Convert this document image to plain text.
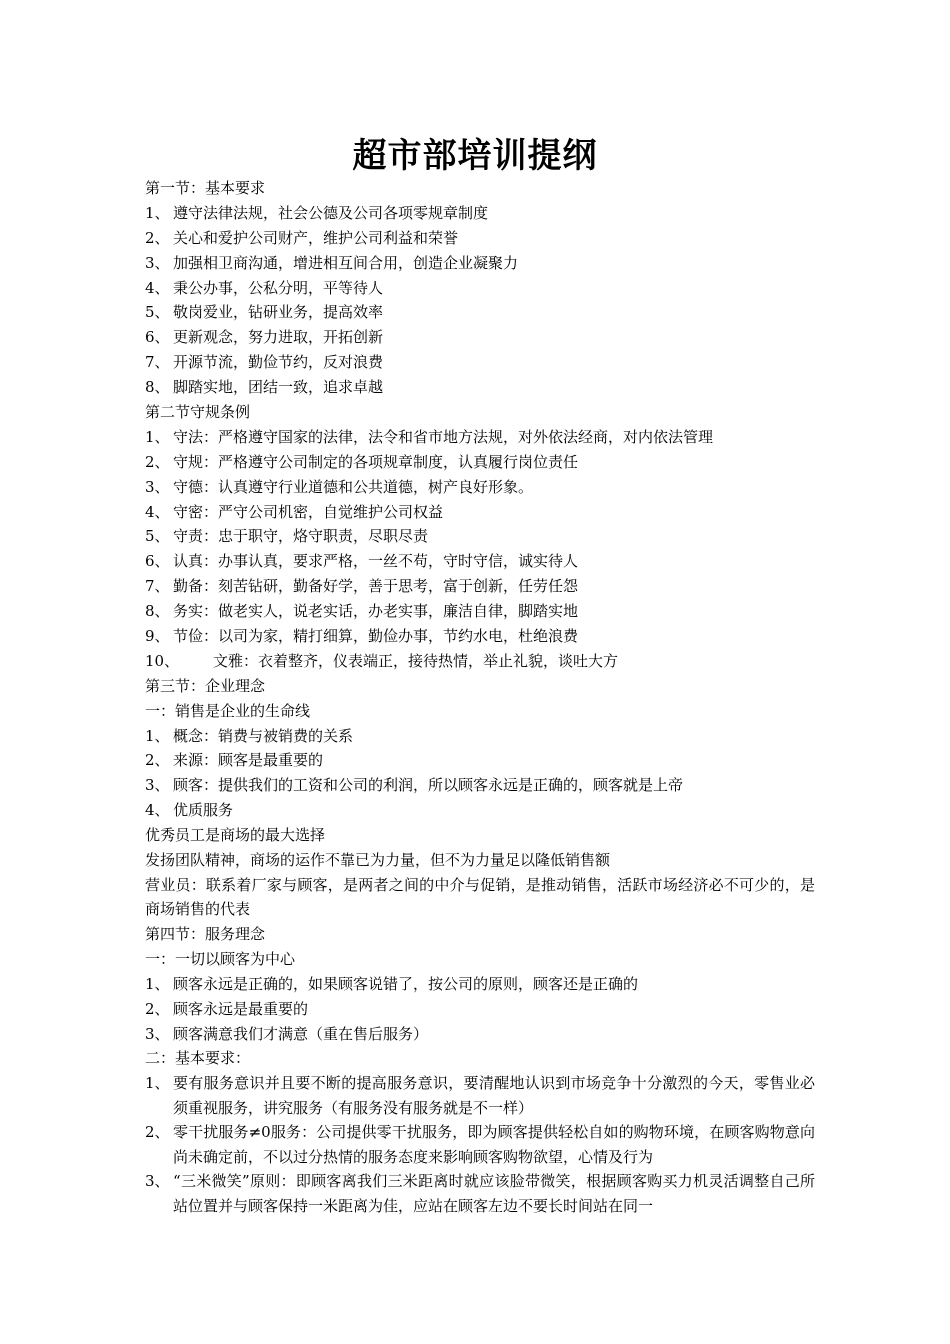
超市部培训提纲
第一节：基本要求
1、 遵守法律法规，社会公德及公司各项零规章制度
2、 关心和爱护公司财产，维护公司利益和荣誉
3、 加强相卫商沟通，增进相互间合用，创造企业凝聚力
4、 秉公办事，公私分明，平等待人
5、 敬岗爱业，钻研业务，提高效率
6、 更新观念，努力进取，开拓创新
7、 开源节流，勤俭节约，反对浪费
8、 脚踏实地，团结一致，追求卓越
第二节守规条例
1、 守法：严格遵守国家的法律，法令和省市地方法规，对外依法经商，对内依法管理
2、 守规：严格遵守公司制定的各项规章制度，认真履行岗位责任
3、 守德：认真遵守行业道德和公共道德，树产良好形象。
4、 守密：严守公司机密，自觉维护公司权益
5、 守责：忠于职守，烙守职责，尽职尽责
6、 认真：办事认真，要求严格，一丝不苟，守时守信，诚实待人
7、 勤备：刻苦钻研，勤备好学，善于思考，富于创新，任劳任怨
8、 务实：做老实人，说老实话，办老实事，廉洁自律，脚踏实地
9、 节俭：以司为家，精打细算，勤俭办事，节约水电，杜绝浪费
10、 文雅：衣着整齐，仪表端正，接待热情，举止礼貌，谈吐大方
第三节：企业理念
一：销售是企业的生命线
1、 概念：销费与被销费的关系
2、 来源：顾客是最重要的
3、 顾客：提供我们的工资和公司的利润，所以顾客永远是正确的，顾客就是上帝
4、 优质服务
优秀员工是商场的最大选择
发扬团队精神，商场的运作不靠已为力量，但不为力量足以隆低销售额
营业员：联系着厂家与顾客，是两者之间的中介与促销，是推动销售，活跃市场经济必不可少的，是商场销售的代表
第四节：服务理念
一：一切以顾客为中心
1、 顾客永远是正确的，如果顾客说错了，按公司的原则，顾客还是正确的
2、 顾客永远是最重要的
3、 顾客满意我们才满意（重在售后服务）
二：基本要求：
1、 要有服务意识并且要不断的提高服务意识，要清醒地认识到市场竞争十分激烈的今天，零售业必须重视服务，讲究服务（有服务没有服务就是不一样）
2、 零干扰服务≠0服务：公司提供零干扰服务，即为顾客提供轻松自如的购物环境，在顾客购物意向尚未确定前，不以过分热情的服务态度来影响顾客购物欲望，心情及行为
3、 “三米微笑”原则：即顾客离我们三米距离时就应该脸带微笑，根据顾客购买力机灵活调整自己所站位置并与顾客保持一米距离为佳，应站在顾客左边不要长时间站在同一
